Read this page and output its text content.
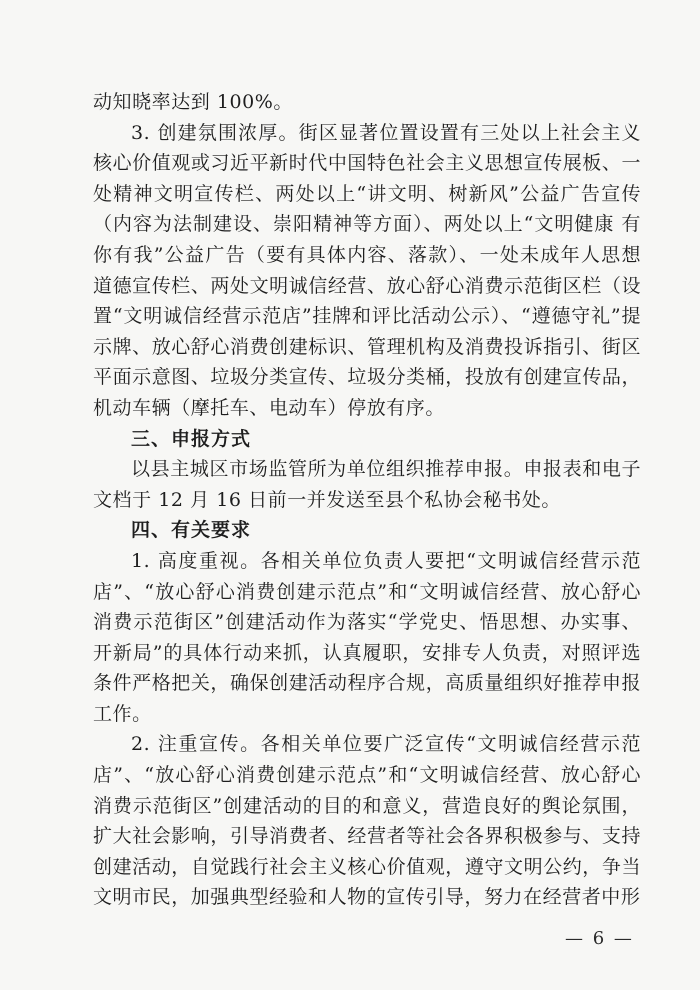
动知晓率达到 100%。

3. 创建氛围浓厚。街区显著位置设置有三处以上社会主义核心价值观或习近平新时代中国特色社会主义思想宣传展板、一处精神文明宣传栏、两处以上“讲文明、树新风”公益广告宣传（内容为法制建设、崇阳精神等方面）、两处以上“文明健康 有你有我”公益广告（要有具体内容、落款）、一处未成年人思想道德宣传栏、两处文明诚信经营、放心舒心消费示范街区栏（设置“文明诚信经营示范店”挂牌和评比活动公示）、“遵德守礼”提示牌、放心舒心消费创建标识、管理机构及消费投诉指引、街区平面示意图、垃圾分类宣传、垃圾分类桶，投放有创建宣传品，机动车辆（摩托车、电动车）停放有序。

三、申报方式

以县主城区市场监管所为单位组织推荐申报。申报表和电子文档于 12 月 16 日前一并发送至县个私协会秘书处。

四、有关要求

1. 高度重视。各相关单位负责人要把“文明诚信经营示范店”、“放心舒心消费创建示范点”和“文明诚信经营、放心舒心消费示范街区”创建活动作为落实“学党史、悟思想、办实事、开新局”的具体行动来抓，认真履职，安排专人负责，对照评选条件严格把关，确保创建活动程序合规，高质量组织好推荐申报工作。

2. 注重宣传。各相关单位要广泛宣传“文明诚信经营示范店”、“放心舒心消费创建示范点”和“文明诚信经营、放心舒心消费示范街区”创建活动的目的和意义，营造良好的舆论氛围，扩大社会影响，引导消费者、经营者等社会各界积极参与、支持创建活动，自觉践行社会主义核心价值观，遵守文明公约，争当文明市民，加强典型经验和人物的宣传引导，努力在经营者中形

— 6 —
